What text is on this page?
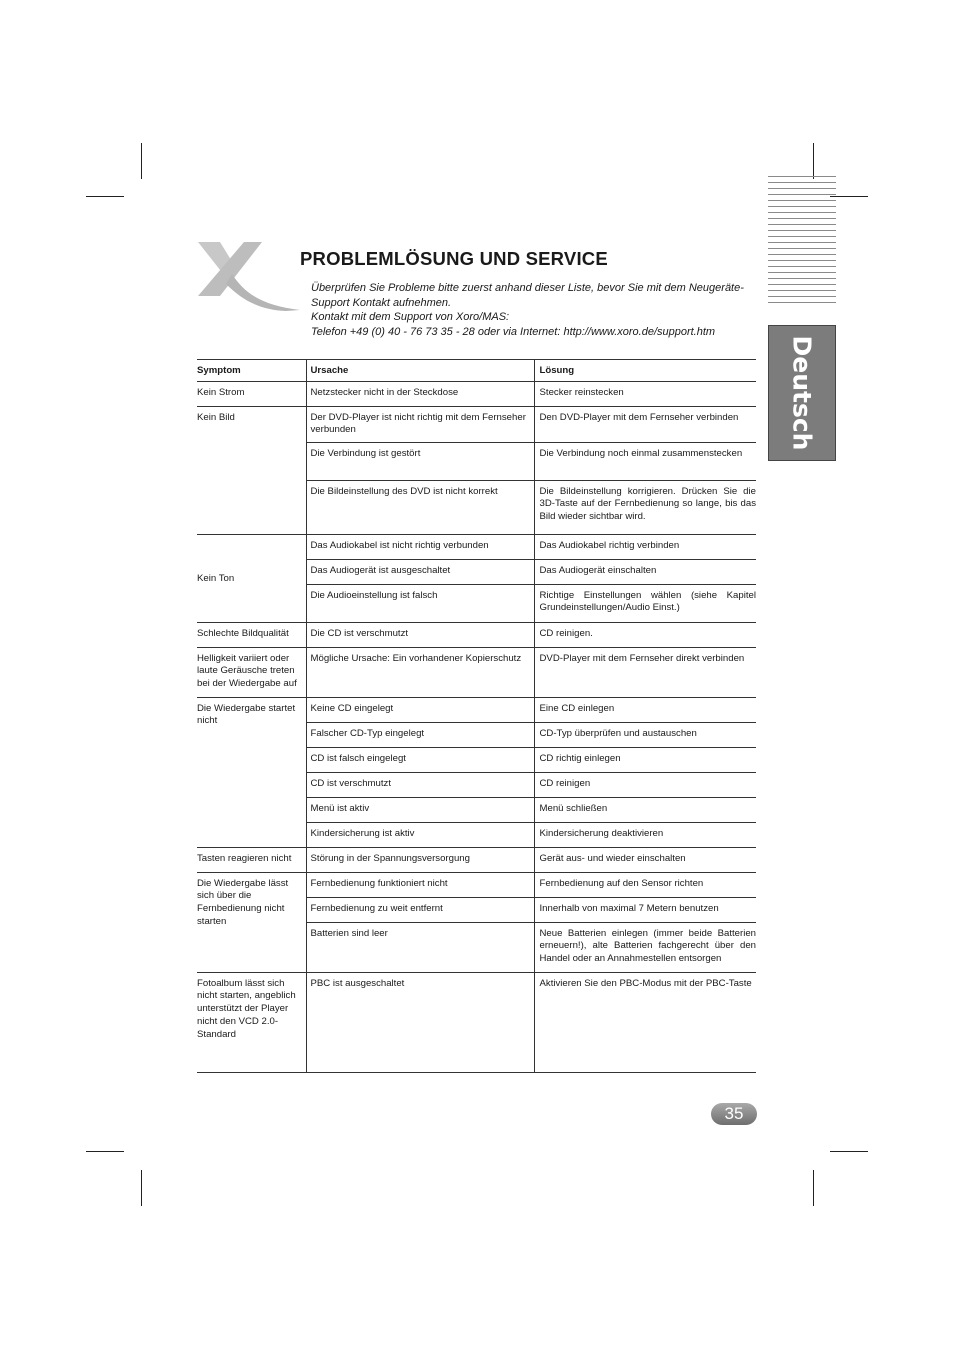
PROBLEMLÖSUNG UND SERVICE
Überprüfen Sie Probleme bitte zuerst anhand dieser Liste, bevor Sie mit dem Neugeräte-
Support Kontakt aufnehmen.
Kontakt mit dem Support von Xoro/MAS:
Telefon +49 (0) 40 - 76 73 35 - 28 oder via Internet: http://www.xoro.de/support.htm
Deutsch
Symptom	Ursache	Lösung
Kein Strom	Netzstecker nicht in der Steckdose	Stecker reinstecken
Kein Bild	Der DVD-Player ist nicht richtig mit dem Fernseher verbunden	Den DVD-Player mit dem Fernseher verbinden
	Die Verbindung ist gestört	Die Verbindung noch einmal zusammenstecken
	Die Bildeinstellung des DVD ist nicht korrekt	Die Bildeinstellung korrigieren. Drücken Sie die 3D-Taste auf der Fernbedienung so lange, bis das Bild wieder sichtbar wird.
Kein Ton	Das Audiokabel ist nicht richtig verbunden	Das Audiokabel richtig verbinden
	Das Audiogerät ist ausgeschaltet	Das Audiogerät einschalten
	Die Audioeinstellung ist falsch	Richtige Einstellungen wählen (siehe Kapitel Grundeinstellungen/Audio Einst.)
Schlechte Bildqualität	Die CD ist verschmutzt	CD reinigen.
Helligkeit variiert oder laute Geräusche treten bei der Wiedergabe auf	Mögliche Ursache: Ein vorhandener Kopierschutz	DVD-Player mit dem Fernseher direkt verbinden
Die Wiedergabe startet nicht	Keine CD eingelegt	Eine CD einlegen
	Falscher CD-Typ eingelegt	CD-Typ überprüfen und austauschen
	CD ist falsch eingelegt	CD richtig einlegen
	CD ist verschmutzt	CD reinigen
	Menü ist aktiv	Menü schließen
	Kindersicherung ist aktiv	Kindersicherung deaktivieren
Tasten reagieren nicht	Störung in der Spannungsversorgung	Gerät aus- und wieder einschalten
Die Wiedergabe lässt sich über die Fernbedienung nicht starten	Fernbedienung funktioniert nicht	Fernbedienung auf den Sensor richten
	Fernbedienung zu weit entfernt	Innerhalb von maximal 7 Metern benutzen
	Batterien sind leer	Neue Batterien einlegen (immer beide Batterien erneuern!), alte Batterien fachgerecht über den Handel oder an Annahmestellen entsorgen
Fotoalbum lässt sich nicht starten, angeblich unterstützt der Player nicht den VCD 2.0-Standard	PBC ist ausgeschaltet	Aktivieren Sie den PBC-Modus mit der PBC-Taste
35
